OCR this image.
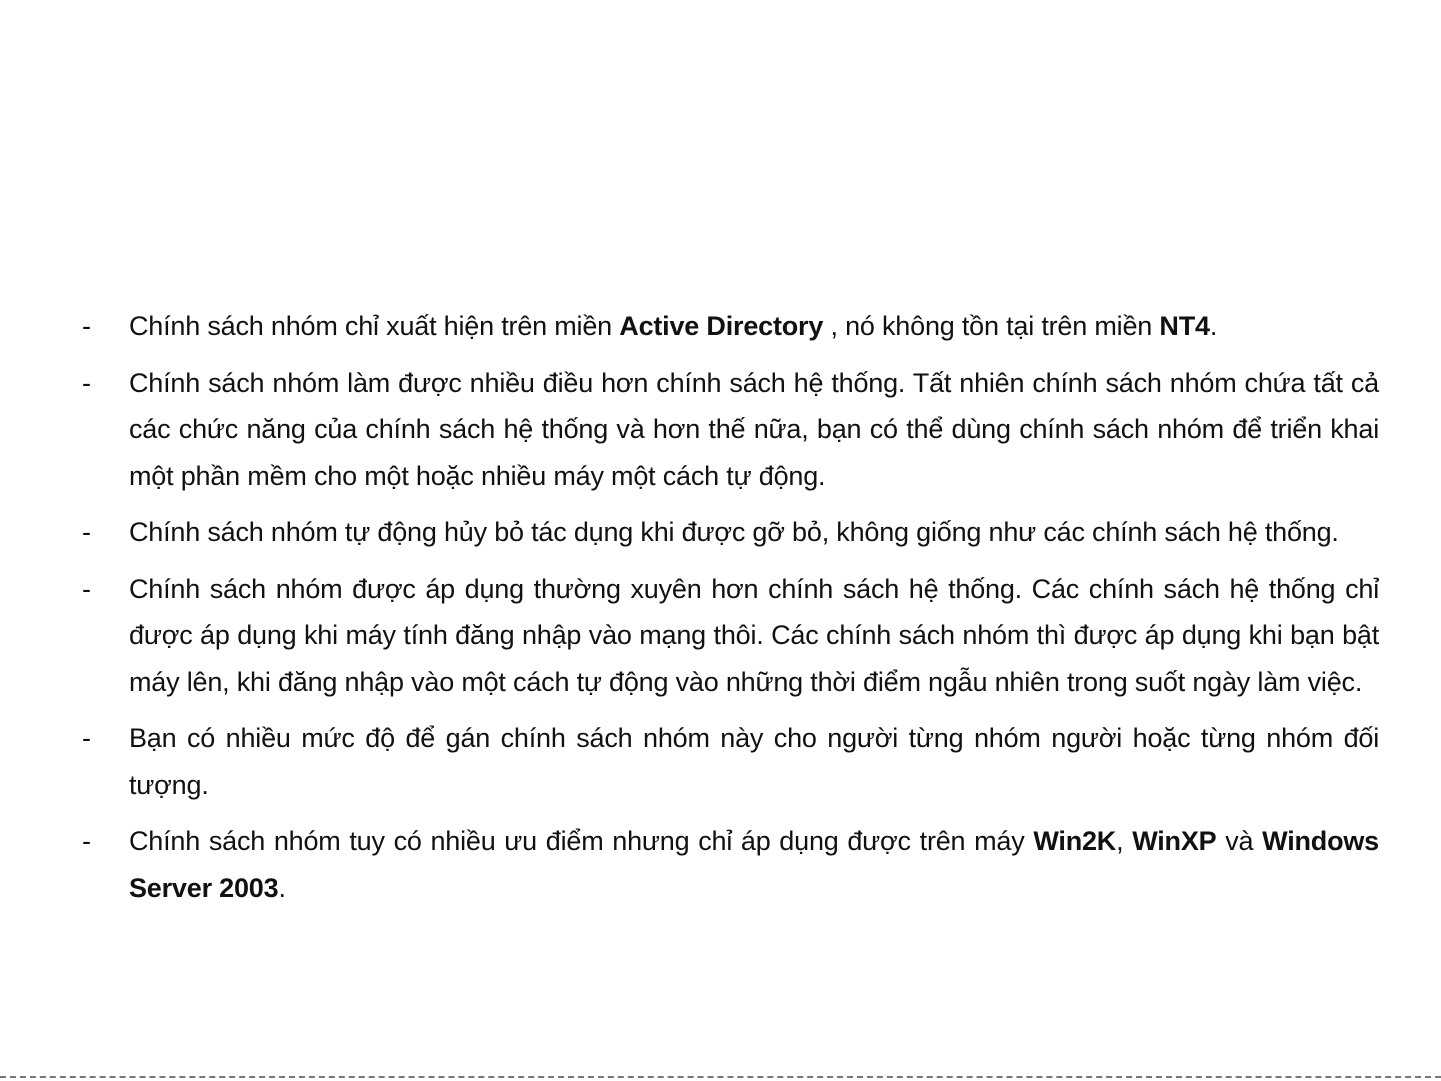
-	Chính sách nhóm chỉ xuất hiện trên miền Active Directory , nó không tồn tại trên miền NT4.
-	Chính sách nhóm làm được nhiều điều hơn chính sách hệ thống. Tất nhiên chính sách nhóm chứa tất cả các chức năng của chính sách hệ thống và hơn thế nữa, bạn có thể dùng chính sách nhóm để triển khai một phần mềm cho một hoặc nhiều máy một cách tự động.
-	Chính sách nhóm tự động hủy bỏ tác dụng khi được gỡ bỏ, không giống như các chính sách hệ thống.
-	Chính sách nhóm được áp dụng thường xuyên hơn chính sách hệ thống. Các chính sách hệ thống chỉ được áp dụng khi máy tính đăng nhập vào mạng thôi. Các chính sách nhóm thì được áp dụng khi bạn bật máy lên, khi đăng nhập vào một cách tự động vào những thời điểm ngẫu nhiên trong suốt ngày làm việc.
-	Bạn có nhiều mức độ để gán chính sách nhóm này cho người từng nhóm người hoặc từng nhóm đối tượng.
-	Chính sách nhóm tuy có nhiều ưu điểm nhưng chỉ áp dụng được trên máy Win2K, WinXP và Windows Server 2003.
